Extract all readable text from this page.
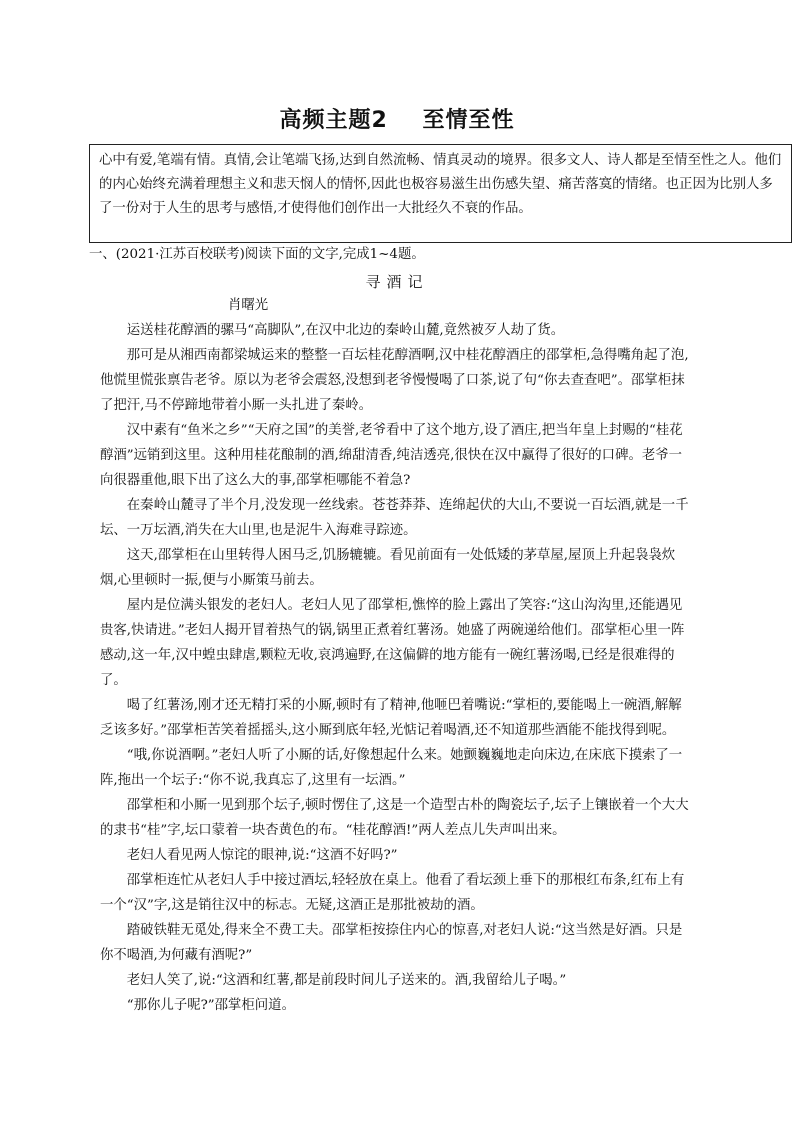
高频主题2    至情至性
心中有爱,笔端有情。真情,会让笔端飞扬,达到自然流畅、情真灵动的境界。很多文人、诗人都是至情至性之人。他们的内心始终充满着理想主义和悲天悯人的情怀,因此也极容易滋生出伤感失望、痛苦落寞的情绪。也正因为比别人多了一份对于人生的思考与感悟,才使得他们创作出一大批经久不衰的作品。
一、(2021·江苏百校联考)阅读下面的文字,完成1~4题。
寻酒记
肖曙光

运送桂花醇酒的骡马“高脚队”,在汉中北边的秦岭山麓,竟然被歹人劫了货。

那可是从湘西南都梁城运来的整整一百坛桂花醇酒啊,汉中桂花醇酒庄的邵掌柜,急得嘴角起了泡,他慌里慌张禀告老爷。原以为老爷会震怒,没想到老爷慢慢喝了口茶,说了句“你去查查吧”。邵掌柜抹了把汗,马不停蹄地带着小厮一头扎进了秦岭。

汉中素有“鱼米之乡”“天府之国”的美誉,老爷看中了这个地方,设了酒庄,把当年皇上封赐的“桂花醇酒”远销到这里。这种用桂花酿制的酒,绵甜清香,纯洁透亮,很快在汉中赢得了很好的口碑。老爷一向很器重他,眼下出了这么大的事,邵掌柜哪能不着急?

在秦岭山麓寻了半个月,没发现一丝线索。苍苍莽莽、连绵起伏的大山,不要说一百坛酒,就是一千坛、一万坛酒,消失在大山里,也是泥牛入海难寻踪迹。

这天,邵掌柜在山里转得人困马乏,饥肠辘辘。看见前面有一处低矮的茅草屋,屋顶上升起袅袅炊烟,心里顿时一振,便与小厮策马前去。

屋内是位满头银发的老妇人。老妇人见了邵掌柜,憔悴的脸上露出了笑容:“这山沟沟里,还能遇见贵客,快请进。”老妇人揭开冒着热气的锅,锅里正煮着红薯汤。她盛了两碗递给他们。邵掌柜心里一阵感动,这一年,汉中蝗虫肆虐,颗粒无收,哀鸿遍野,在这偏僻的地方能有一碗红薯汤喝,已经是很难得的了。

喝了红薯汤,刚才还无精打采的小厮,顿时有了精神,他咂巴着嘴说:“掌柜的,要能喝上一碗酒,解解乏该多好。”邵掌柜苦笑着摇摇头,这小厮到底年轻,光惦记着喝酒,还不知道那些酒能不能找得到呢。

“哦,你说酒啊。”老妇人听了小厮的话,好像想起什么来。她颤巍巍地走向床边,在床底下摸索了一阵,拖出一个坛子:“你不说,我真忘了,这里有一坛酒。”

邵掌柜和小厮一见到那个坛子,顿时愣住了,这是一个造型古朴的陶瓷坛子,坛子上镶嵌着一个大大的隶书“桂”字,坛口蒙着一块杏黄色的布。“桂花醇酒!”两人差点儿失声叫出来。

老妇人看见两人惊诧的眼神,说:“这酒不好吗?”

邵掌柜连忙从老妇人手中接过酒坛,轻轻放在桌上。他看了看坛颈上垂下的那根红布条,红布上有一个“汉”字,这是销往汉中的标志。无疑,这酒正是那批被劫的酒。

踏破铁鞋无觅处,得来全不费工夫。邵掌柜按捺住内心的惊喜,对老妇人说:“这当然是好酒。只是你不喝酒,为何藏有酒呢?”

老妇人笑了,说:“这酒和红薯,都是前段时间儿子送来的。酒,我留给儿子喝。”

“那你儿子呢?”邵掌柜问道。
